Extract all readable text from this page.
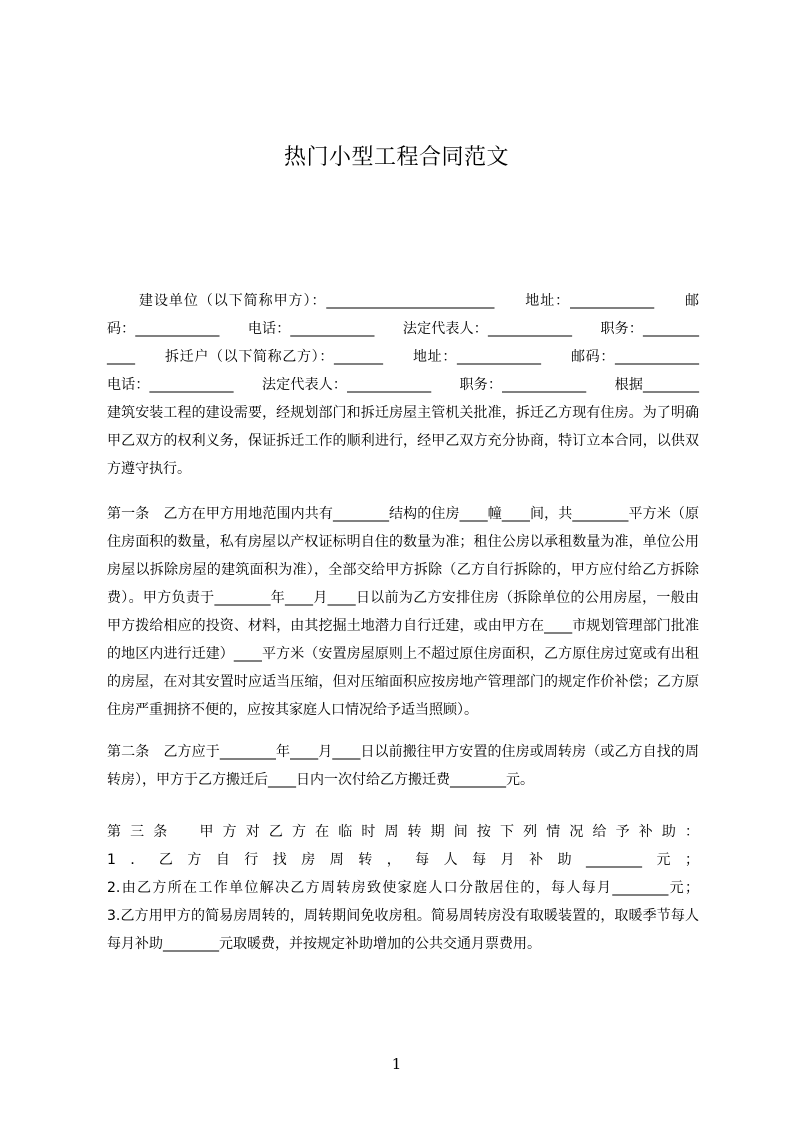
热门小型工程合同范文

建设单位（以下简称甲方）：________________________　　地址：____________　　邮码：____________　　电话：____________　　法定代表人：____________　　职务：____________　　拆迁户（以下简称乙方）：_______　　地址：____________　　邮码：____________　　电话：____________　　法定代表人：____________　　职务：____________　　根据________建筑安装工程的建设需要，经规划部门和拆迁房屋主管机关批准，拆迁乙方现有住房。为了明确甲乙双方的权利义务，保证拆迁工作的顺利进行，经甲乙双方充分协商，特订立本合同，以供双方遵守执行。

第一条　乙方在甲方用地范围内共有________结构的住房____幢____间，共________平方米（原住房面积的数量，私有房屋以产权证标明自住的数量为准；租住公房以承租数量为准，单位公用房屋以拆除房屋的建筑面积为准），全部交给甲方拆除（乙方自行拆除的，甲方应付给乙方拆除费）。甲方负责于________年____月____日以前为乙方安排住房（拆除单位的公用房屋，一般由甲方拨给相应的投资、材料，由其挖掘土地潜力自行迁建，或由甲方在____市规划管理部门批准的地区内进行迁建）____平方米（安置房屋原则上不超过原住房面积，乙方原住房过宽或有出租的房屋，在对其安置时应适当压缩，但对压缩面积应按房地产管理部门的规定作价补偿；乙方原住房严重拥挤不便的，应按其家庭人口情况给予适当照顾）。

第二条　乙方应于________年____月____日以前搬往甲方安置的住房或周转房（或乙方自找的周转房），甲方于乙方搬迁后____日内一次付给乙方搬迁费________元。

第三条　甲方对乙方在临时周转期间按下列情况给予补助：

1．乙方自行找房周转，每人每月补助________元；

2.由乙方所在工作单位解决乙方周转房致使家庭人口分散居住的，每人每月________元；

3.乙方用甲方的简易房周转的，周转期间免收房租。简易周转房没有取暖装置的，取暖季节每人每月补助________元取暖费，并按规定补助增加的公共交通月票费用。

1
